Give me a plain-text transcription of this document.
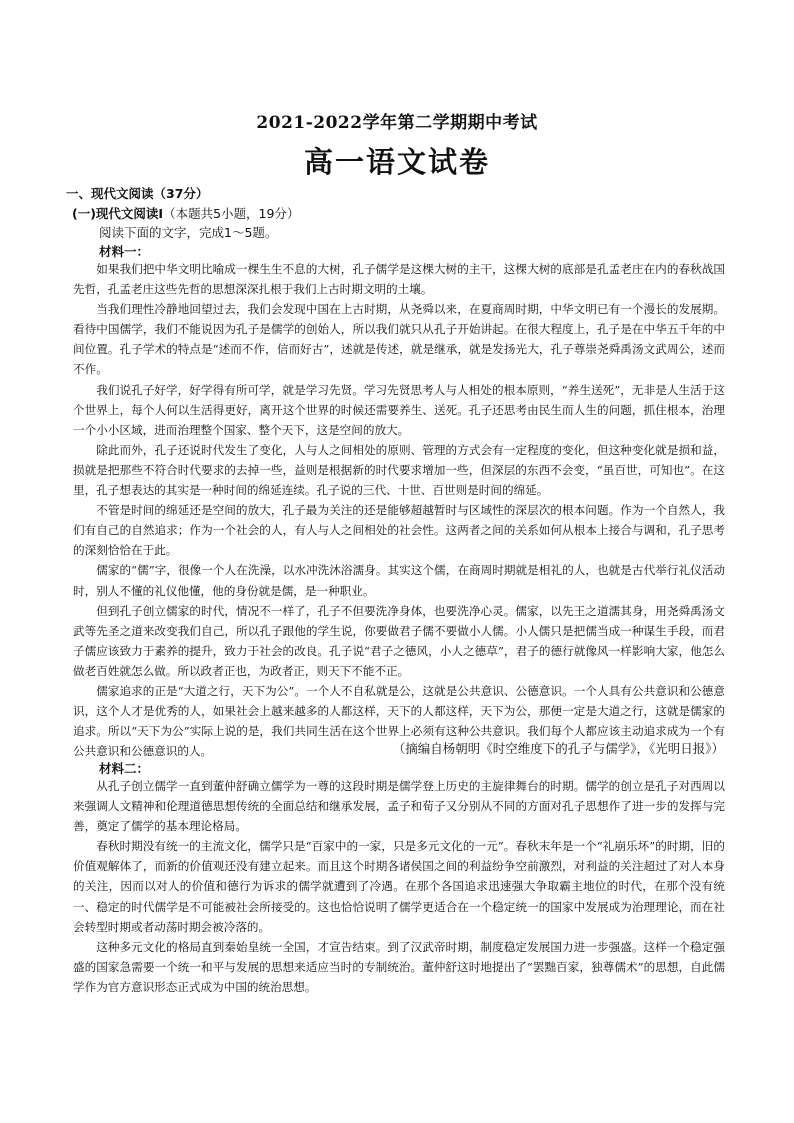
2021-2022学年第二学期期中考试
高一语文试卷
一、现代文阅读（37分）
(一)现代文阅读Ⅰ（本题共5小题，19分）
阅读下面的文字，完成1～5题。
材料一：

如果我们把中华文明比喻成一棵生生不息的大树，孔子儒学是这棵大树的主干，这棵大树的底部是孔孟老庄在内的春秋战国先哲，孔孟老庄这些先哲的思想深深扎根于我们上古时期文明的土壤。

当我们理性冷静地回望过去，我们会发现中国在上古时期，从尧舜以来，在夏商周时期，中华文明已有一个漫长的发展期。看待中国儒学，我们不能说因为孔子是儒学的创始人，所以我们就只从孔子开始讲起。在很大程度上，孔子是在中华五千年的中间位置。孔子学术的特点是“述而不作，信而好古”，述就是传述，就是继承，就是发扬光大，孔子尊崇尧舜禹汤文武周公，述而不作。

我们说孔子好学，好学得有所可学，就是学习先贤。学习先贤思考人与人相处的根本原则，“养生送死”，无非是人生活于这个世界上，每个人何以生活得更好，离开这个世界的时候还需要养生、送死。孔子还思考由民生而人生的问题，抓住根本，治理一个小小区域，进而治理整个国家、整个天下，这是空间的放大。

除此而外，孔子还说时代发生了变化，人与人之间相处的原则、管理的方式会有一定程度的变化，但这种变化就是损和益，损就是把那些不符合时代要求的去掉一些，益则是根据新的时代要求增加一些，但深层的东西不会变，“虽百世，可知也”。在这里，孔子想表达的其实是一种时间的绵延连续。孔子说的三代、十世、百世则是时间的绵延。

不管是时间的绵延还是空间的放大，孔子最为关注的还是能够超越暂时与区域性的深层次的根本问题。作为一个自然人，我们有自己的自然追求；作为一个社会的人，有人与人之间相处的社会性。这两者之间的关系如何从根本上接合与调和，孔子思考的深刻恰恰在于此。

儒家的“儒”字，很像一个人在洗澡，以水冲洗沐浴濡身。其实这个儒，在商周时期就是相礼的人，也就是古代举行礼仪活动时，别人不懂的礼仪他懂，他的身份就是儒，是一种职业。

但到孔子创立儒家的时代，情况不一样了，孔子不但要洗净身体，也要洗净心灵。儒家，以先王之道濡其身，用尧舜禹汤文武等先圣之道来改变我们自己，所以孔子跟他的学生说，你要做君子儒不要做小人儒。小人儒只是把儒当成一种谋生手段，而君子儒应该致力于素养的提升，致力于社会的改良。孔子说“君子之德风，小人之德草”，君子的德行就像风一样影响大家，他怎么做老百姓就怎么做。所以政者正也，为政者正，则天下不能不正。

儒家追求的正是“大道之行，天下为公”。一个人不自私就是公，这就是公共意识、公德意识。一个人具有公共意识和公德意识，这个人才是优秀的人，如果社会上越来越多的人都这样，天下的人都这样，天下为公，那便一定是大道之行，这就是儒家的追求。所以“天下为公”实际上说的是，我们共同生活在这个世界上必须有这种公共意识。我们每个人都应该主动追求成为一个有公共意识和公德意识的人。	（摘编自杨朝明《时空维度下的孔子与儒学》，《光明日报》）
材料二：

从孔子创立儒学一直到董仲舒确立儒学为一尊的这段时期是儒学登上历史的主旋律舞台的时期。儒学的创立是孔子对西周以来强调人文精神和伦理道德思想传统的全面总结和继承发展，孟子和荀子又分别从不同的方面对孔子思想作了进一步的发挥与完善，奠定了儒学的基本理论格局。

春秋时期没有统一的主流文化，儒学只是“百家中的一家，只是多元文化的一元”。春秋末年是一个“礼崩乐坏”的时期，旧的价值观解体了，而新的价值观还没有建立起来。而且这个时期各诸侯国之间的利益纷争空前激烈，对利益的关注超过了对人本身的关注，因而以对人的价值和德行为诉求的儒学就遭到了冷遇。在那个各国追求迅速强大争取霸主地位的时代，在那个没有统一、稳定的时代儒学是不可能被社会所接受的。这也恰恰说明了儒学更适合在一个稳定统一的国家中发展成为治理理论，而在社会转型时期或者动荡时期会被冷落的。

这种多元文化的格局直到秦始皇统一全国，才宣告结束。到了汉武帝时期，制度稳定发展国力进一步强盛。这样一个稳定强盛的国家急需要一个统一和平与发展的思想来适应当时的专制统治。董仲舒这时地提出了“罢黜百家，独尊儒术”的思想，自此儒学作为官方意识形态正式成为中国的统治思想。
